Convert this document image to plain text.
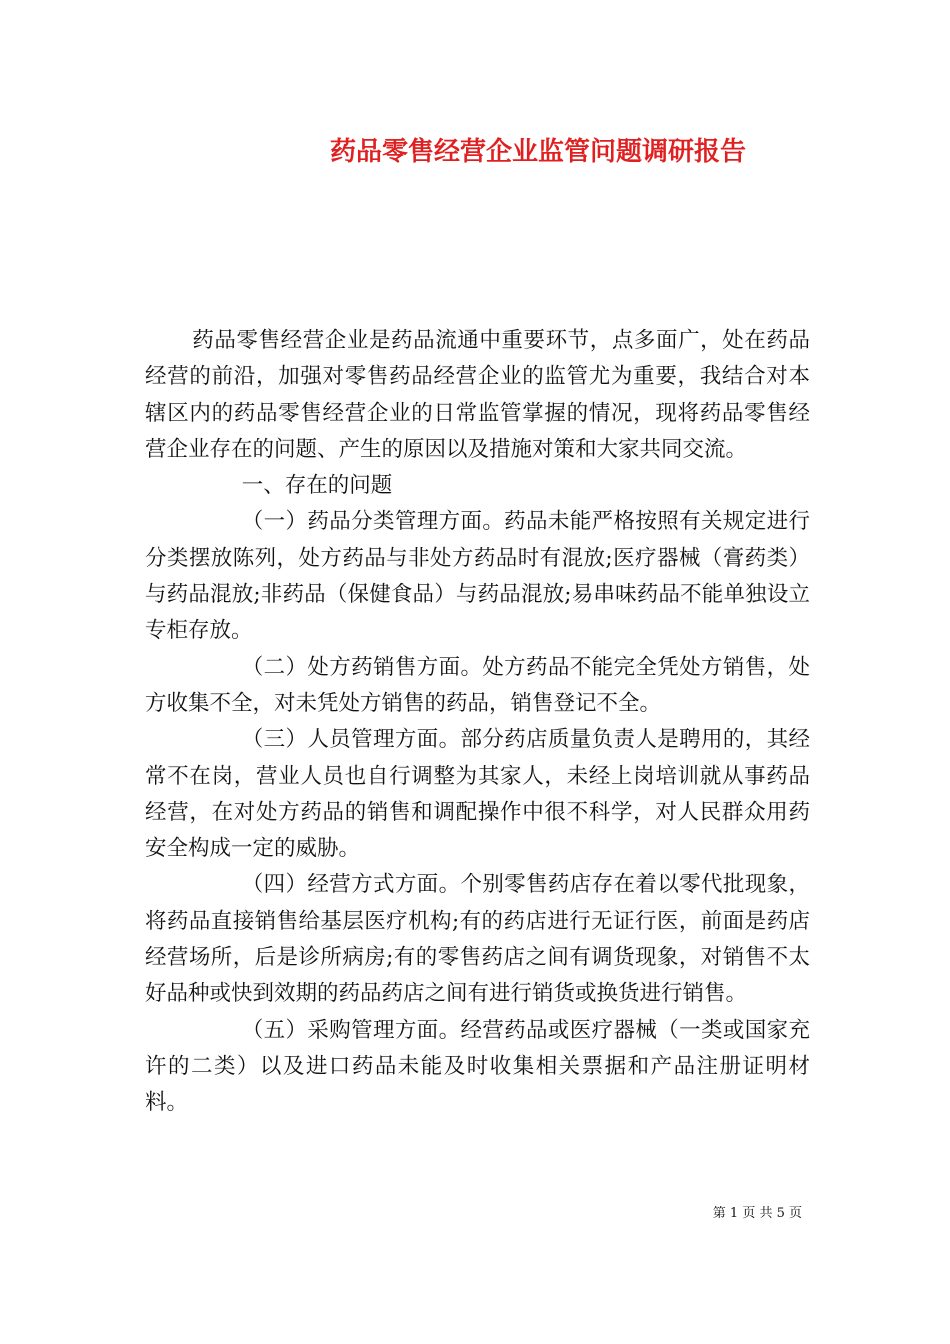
药品零售经营企业监管问题调研报告

药品零售经营企业是药品流通中重要环节，点多面广，处在药品经营的前沿，加强对零售药品经营企业的监管尤为重要，我结合对本辖区内的药品零售经营企业的日常监管掌握的情况，现将药品零售经营企业存在的问题、产生的原因以及措施对策和大家共同交流。

一、存在的问题

（一）药品分类管理方面。药品未能严格按照有关规定进行分类摆放陈列，处方药品与非处方药品时有混放;医疗器械（膏药类）与药品混放;非药品（保健食品）与药品混放;易串味药品不能单独设立专柜存放。

（二）处方药销售方面。处方药品不能完全凭处方销售，处方收集不全，对未凭处方销售的药品，销售登记不全。

（三）人员管理方面。部分药店质量负责人是聘用的，其经常不在岗，营业人员也自行调整为其家人，未经上岗培训就从事药品经营，在对处方药品的销售和调配操作中很不科学，对人民群众用药安全构成一定的威胁。

（四）经营方式方面。个别零售药店存在着以零代批现象，将药品直接销售给基层医疗机构;有的药店进行无证行医，前面是药店经营场所，后是诊所病房;有的零售药店之间有调货现象，对销售不太好品种或快到效期的药品药店之间有进行销货或换货进行销售。

（五）采购管理方面。经营药品或医疗器械（一类或国家充许的二类）以及进口药品未能及时收集相关票据和产品注册证明材料。

第 1 页 共 5 页
